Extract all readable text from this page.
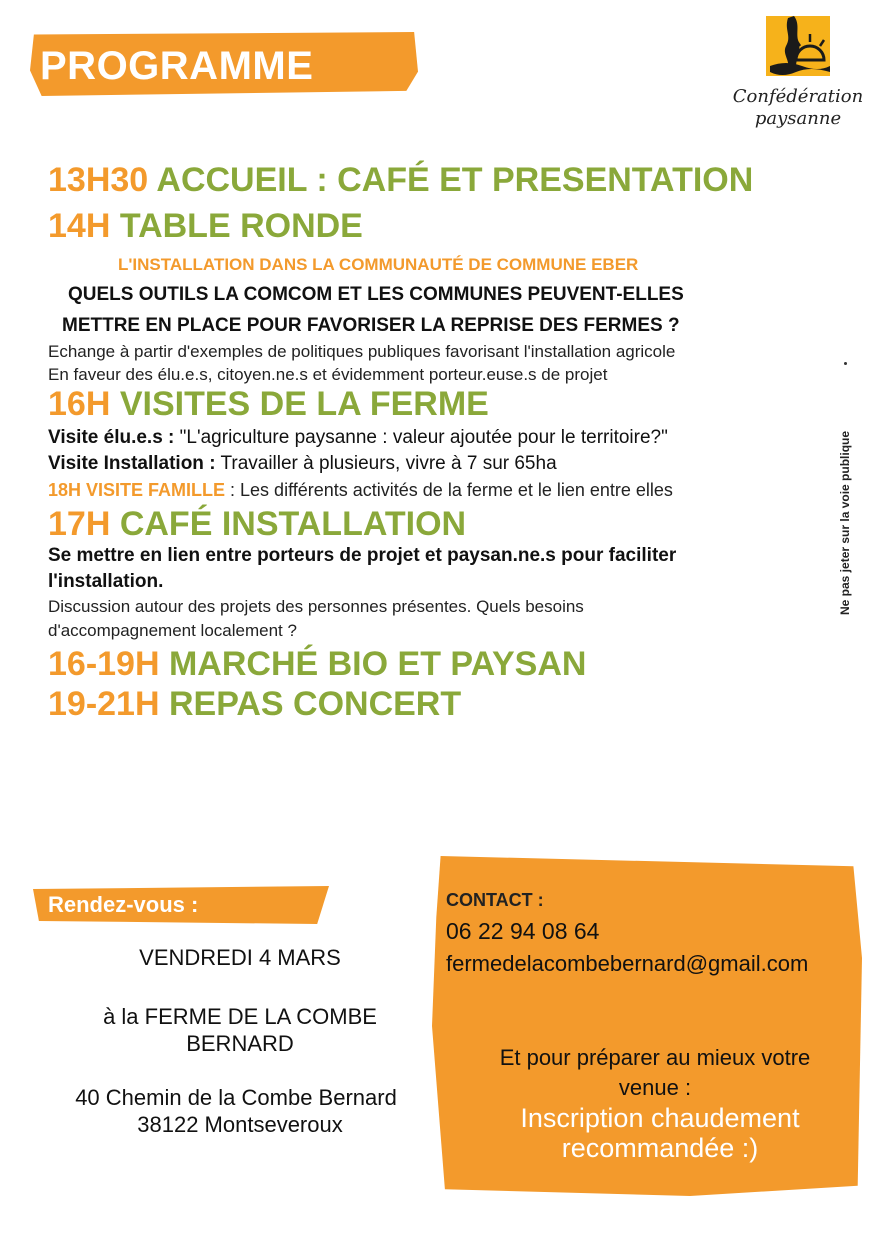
PROGRAMME
Confédération
paysanne
13H30 ACCUEIL : CAFÉ ET PRESENTATION
14H TABLE RONDE
L'INSTALLATION DANS LA COMMUNAUTÉ DE COMMUNE EBER
QUELS OUTILS LA COMCOM ET LES COMMUNES PEUVENT-ELLES
METTRE EN PLACE POUR FAVORISER LA REPRISE DES FERMES ?
Echange à partir d'exemples de politiques publiques favorisant l'installation agricole
En faveur des élu.e.s, citoyen.ne.s et évidemment porteur.euse.s de projet
16H VISITES DE LA FERME
Visite élu.e.s : "L'agriculture paysanne : valeur ajoutée pour le territoire?"
Visite Installation : Travailler à plusieurs, vivre à 7 sur 65ha
18H VISITE FAMILLE : Les différents activités de la ferme et le lien entre elles
17H CAFÉ INSTALLATION
Se mettre en lien entre porteurs de projet et paysan.ne.s pour faciliter
l'installation.
Discussion autour des projets des personnes présentes. Quels besoins
d'accompagnement localement ?
16-19H MARCHÉ BIO ET PAYSAN
19-21H REPAS CONCERT
Ne pas jeter sur la voie publique
Rendez-vous :
VENDREDI 4 MARS
à la FERME DE LA COMBE
BERNARD
40 Chemin de la Combe Bernard
38122 Montseveroux
CONTACT :
06 22 94 08 64
fermedelacombebernard@gmail.com
Et pour préparer au mieux votre
venue :
Inscription chaudement
recommandée :)
